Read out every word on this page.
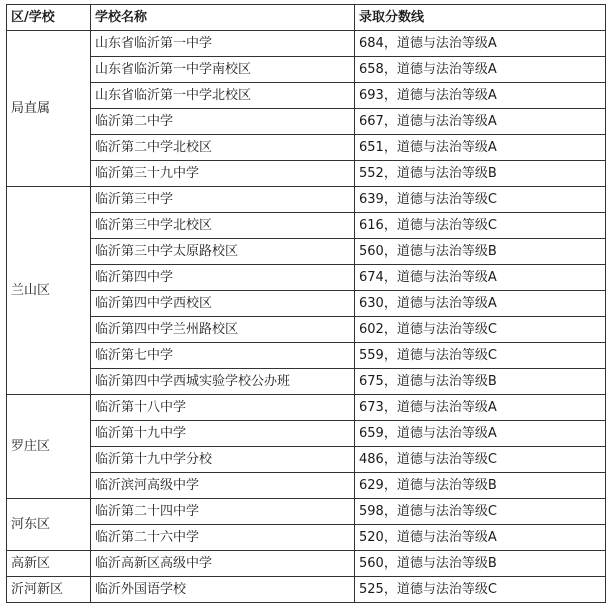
区/学校	学校名称	录取分数线
局直属	山东省临沂第一中学	684，道德与法治等级A
	山东省临沂第一中学南校区	658，道德与法治等级A
	山东省临沂第一中学北校区	693，道德与法治等级A
	临沂第二中学	667，道德与法治等级A
	临沂第二中学北校区	651，道德与法治等级A
	临沂第三十九中学	552，道德与法治等级B
兰山区	临沂第三中学	639，道德与法治等级C
	临沂第三中学北校区	616，道德与法治等级C
	临沂第三中学太原路校区	560，道德与法治等级B
	临沂第四中学	674，道德与法治等级A
	临沂第四中学西校区	630，道德与法治等级A
	临沂第四中学兰州路校区	602，道德与法治等级C
	临沂第七中学	559，道德与法治等级C
	临沂第四中学西城实验学校公办班	675，道德与法治等级B
罗庄区	临沂第十八中学	673，道德与法治等级A
	临沂第十九中学	659，道德与法治等级A
	临沂第十九中学分校	486，道德与法治等级C
	临沂滨河高级中学	629，道德与法治等级B
河东区	临沂第二十四中学	598，道德与法治等级C
	临沂第二十六中学	520，道德与法治等级A
高新区	临沂高新区高级中学	560，道德与法治等级B
沂河新区	临沂外国语学校	525，道德与法治等级C
